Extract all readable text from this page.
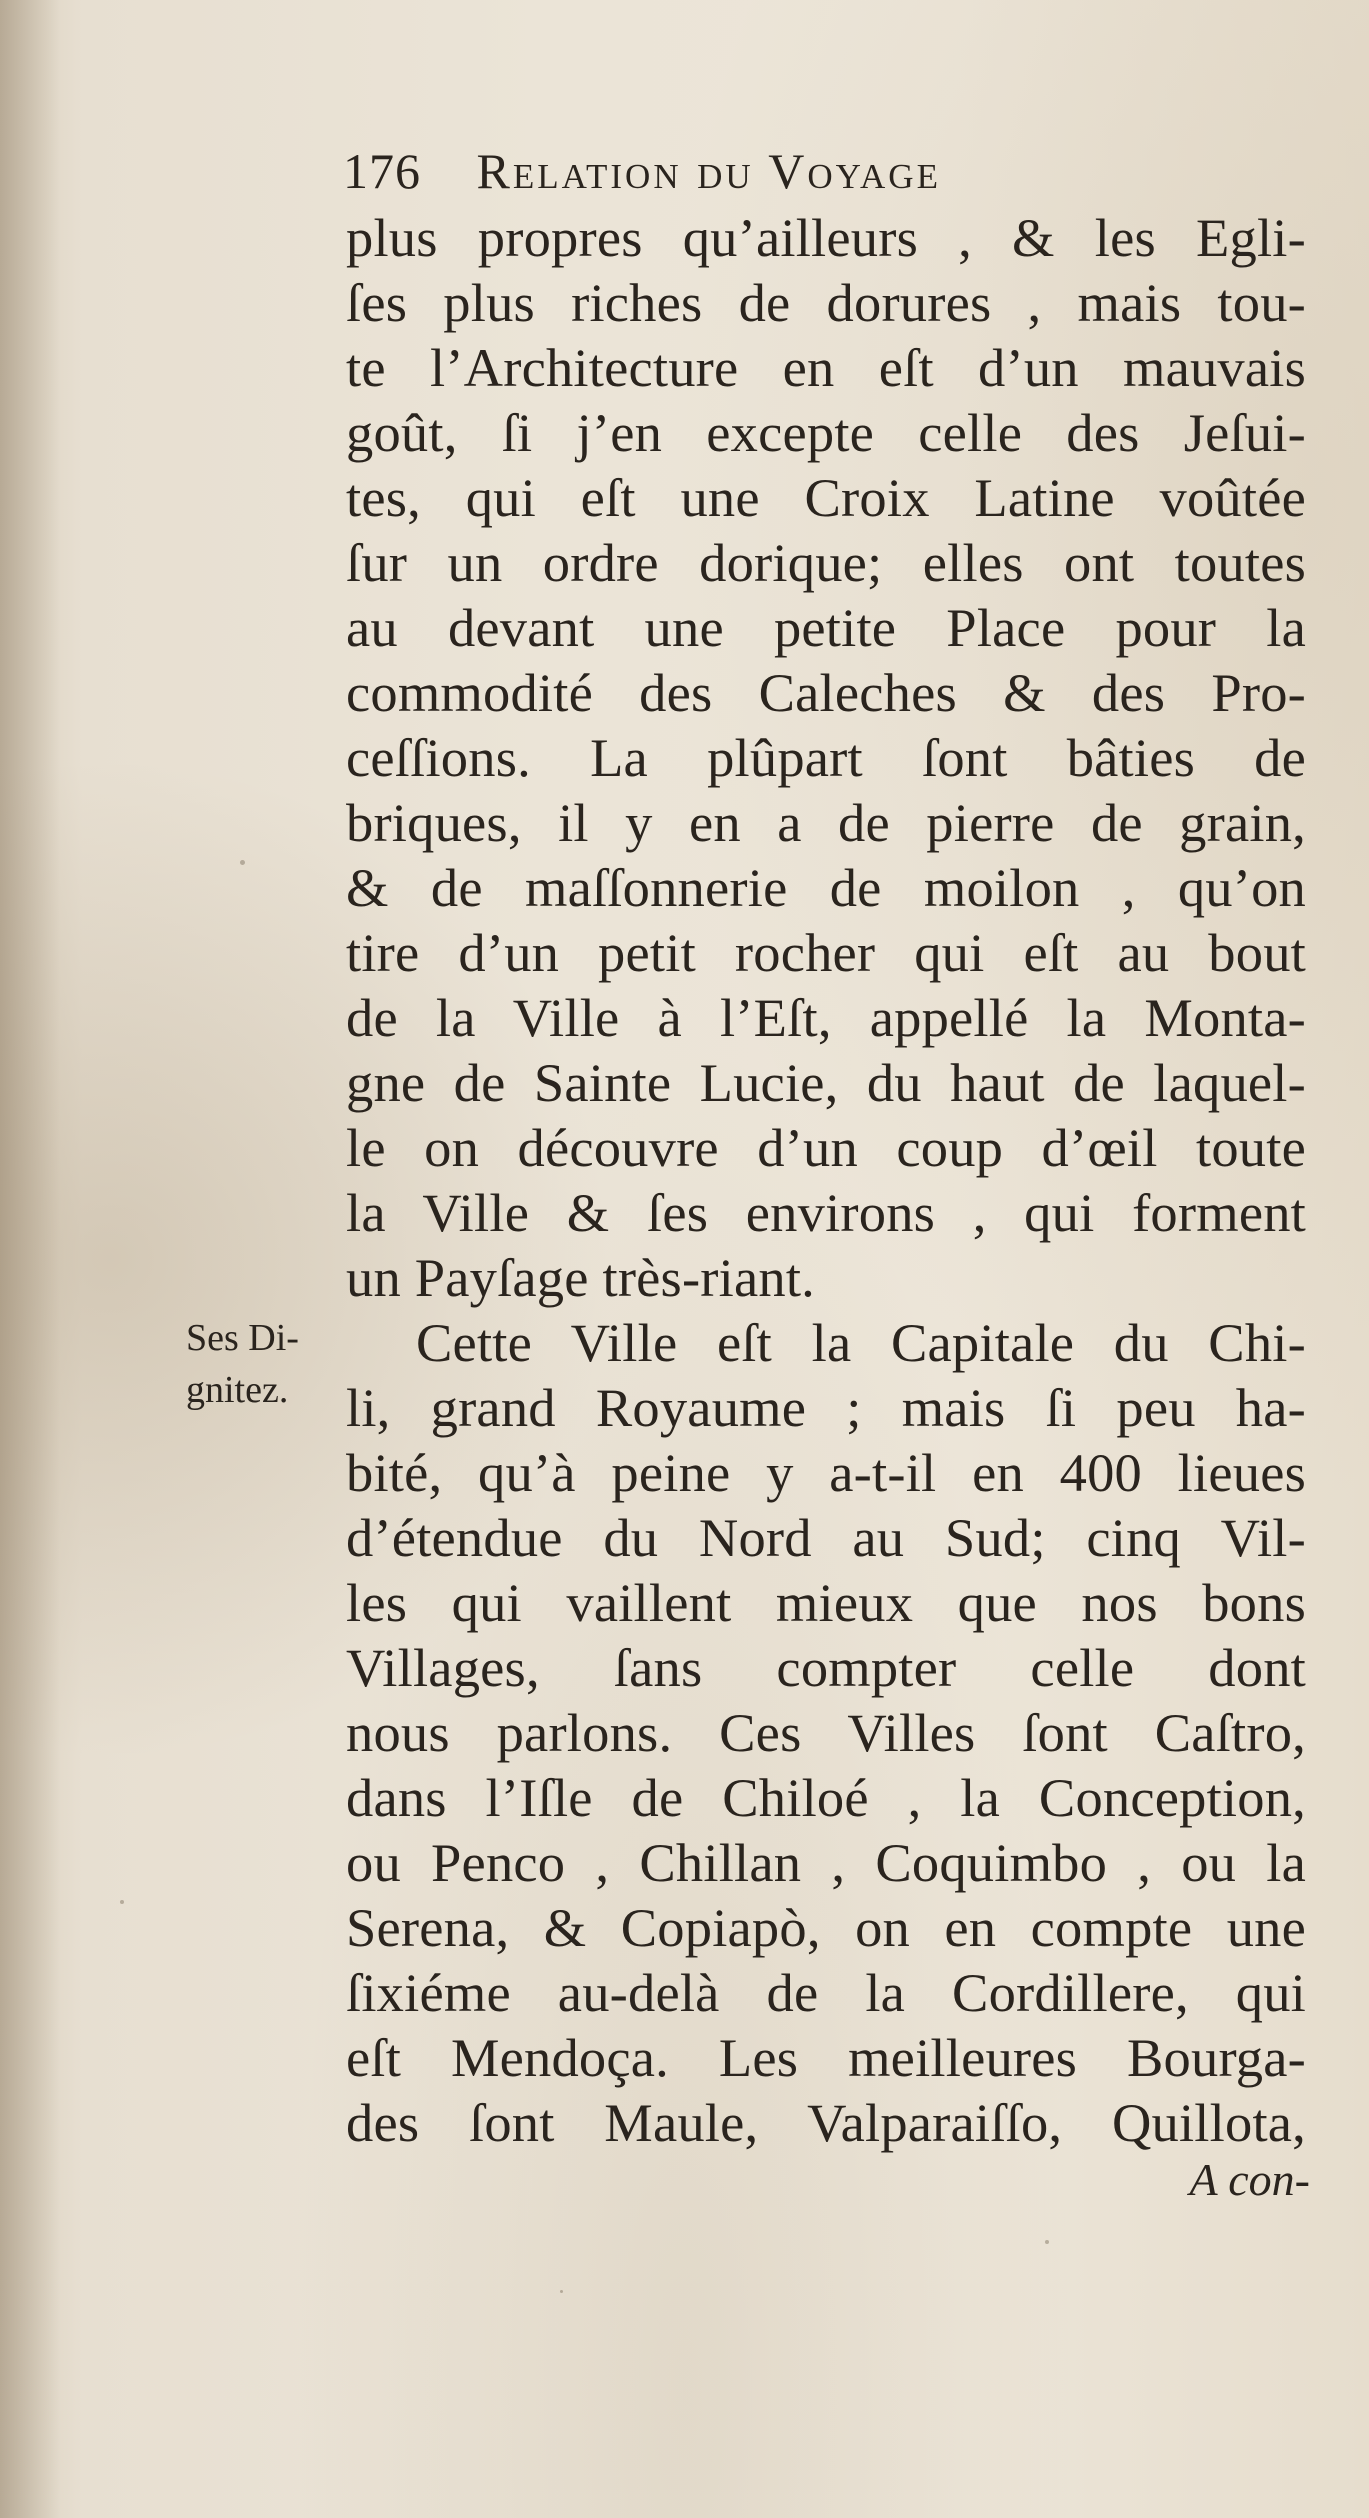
176 Relation du Voyage
Ses Di-
gnitez.
plus propres qu’ailleurs , & les Egli-
ſes plus riches de dorures , mais tou-
te l’Architecture en eſt d’un mauvais
goût, ſi j’en excepte celle des Jeſui-
tes, qui eſt une Croix Latine voûtée
ſur un ordre dorique; elles ont toutes
au devant une petite Place pour la
commodité des Caleches & des Pro-
ceſſions. La plûpart ſont bâties de
briques, il y en a de pierre de grain,
& de maſſonnerie de moilon , qu’on
tire d’un petit rocher qui eſt au bout
de la Ville à l’Eſt, appellé la Monta-
gne de Sainte Lucie, du haut de laquel-
le on découvre d’un coup d’œil toute
la Ville & ſes environs , qui forment
un Payſage très-riant.
Cette Ville eſt la Capitale du Chi-
li, grand Royaume ; mais ſi peu ha-
bité, qu’à peine y a-t-il en 400 lieues
d’étendue du Nord au Sud; cinq Vil-
les qui vaillent mieux que nos bons
Villages, ſans compter celle dont
nous parlons. Ces Villes ſont Caſtro,
dans l’Iſle de Chiloé , la Conception,
ou Penco , Chillan , Coquimbo , ou la
Serena, & Copiapò, on en compte une
ſixiéme au-delà de la Cordillere, qui
eſt Mendoça. Les meilleures Bourga-
des ſont Maule, Valparaiſſo, Quillota,
A con-
